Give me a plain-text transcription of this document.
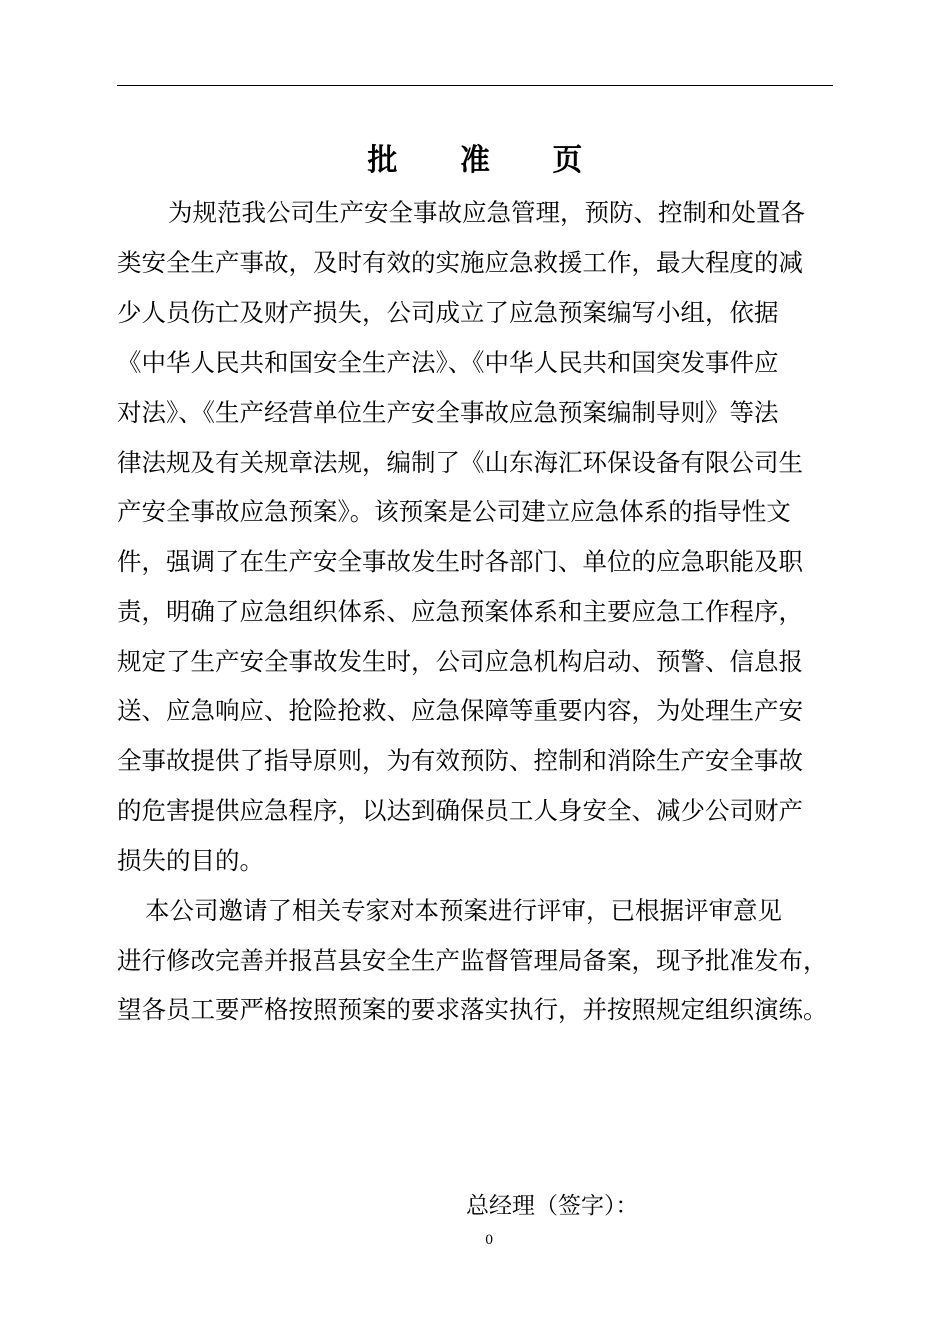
批 准 页
为规范我公司生产安全事故应急管理，预防、控制和处置各
类安全生产事故，及时有效的实施应急救援工作，最大程度的减
少人员伤亡及财产损失，公司成立了应急预案编写小组，依据
《中华人民共和国安全生产法》、《中华人民共和国突发事件应
对法》、《生产经营单位生产安全事故应急预案编制导则》等法
律法规及有关规章法规，编制了《山东海汇环保设备有限公司生
产安全事故应急预案》。该预案是公司建立应急体系的指导性文
件，强调了在生产安全事故发生时各部门、单位的应急职能及职
责，明确了应急组织体系、应急预案体系和主要应急工作程序，
规定了生产安全事故发生时，公司应急机构启动、预警、信息报
送、应急响应、抢险抢救、应急保障等重要内容，为处理生产安
全事故提供了指导原则，为有效预防、控制和消除生产安全事故
的危害提供应急程序，以达到确保员工人身安全、减少公司财产
损失的目的。
本公司邀请了相关专家对本预案进行评审，已根据评审意见
进行修改完善并报莒县安全生产监督管理局备案，现予批准发布，
望各员工要严格按照预案的要求落实执行，并按照规定组织演练。
总经理（签字）：
0
